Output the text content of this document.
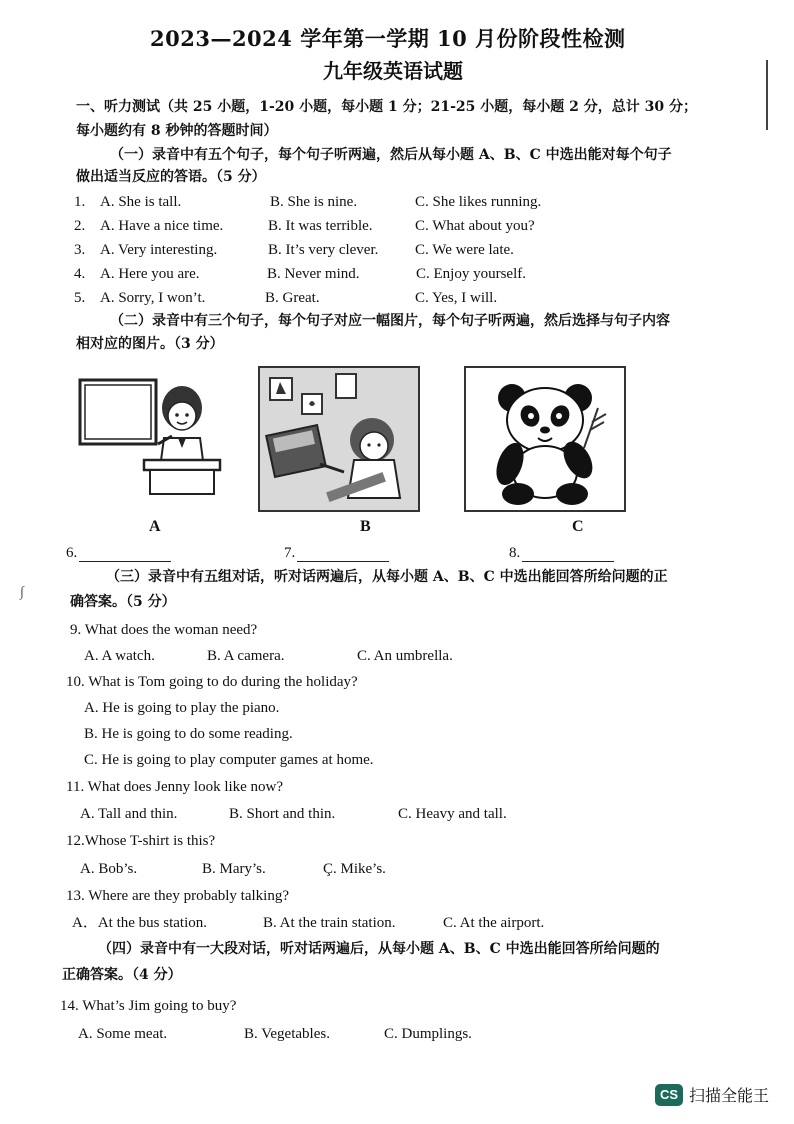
∫
2023—2024 学年第一学期 10 月份阶段性检测
九年级英语试题
一、听力测试（共 25 小题，1-20 小题，每小题 1 分；21-25 小题，每小题 2 分，总计 30 分；
每小题约有 8 秒钟的答题时间）
（一）录音中有五个句子，每个句子听两遍，然后从每小题 A、B、C 中选出能对每个句子
做出适当反应的答语。（5 分）
1. A. She is tall.	B. She is nine.	C. She likes running.
2. A. Have a nice time.	B. It was terrible.	C. What about you?
3. A. Very interesting.	B. It’s very clever. C. We were late.
4. A. Here you are.	B. Never mind.	C. Enjoy yourself.
5. A. Sorry, I won’t.	B. Great.	C. Yes, I will.
（二）录音中有三个句子，每个句子对应一幅图片，每个句子听两遍，然后选择与句子内容
相对应的图片。（3 分）
A	B	C
6.	7.	8.
（三）录音中有五组对话，听对话两遍后，从每小题 A、B、C 中选出能回答所给问题的正
确答案。（5 分）
9. What does the woman need?
A. A watch.	B. A camera.	C. An umbrella.
10. What is Tom going to do during the holiday?
A. He is going to play the piano.
B. He is going to do some reading.
C. He is going to play computer games at home.
11. What does Jenny look like now?
A. Tall and thin.	B. Short and thin.	C. Heavy and tall.
12.Whose T-shirt is this?
A. Bob’s.	B. Mary’s.	Ç. Mike’s.
13. Where are they probably talking?
A．At the bus station.	B. At the train station.	C. At the airport.
（四）录音中有一大段对话，听对话两遍后，从每小题 A、B、C 中选出能回答所给问题的
正确答案。（4 分）
14. What’s Jim going to buy?
A. Some meat.	B. Vegetables.	C. Dumplings.
CS 扫描全能王
